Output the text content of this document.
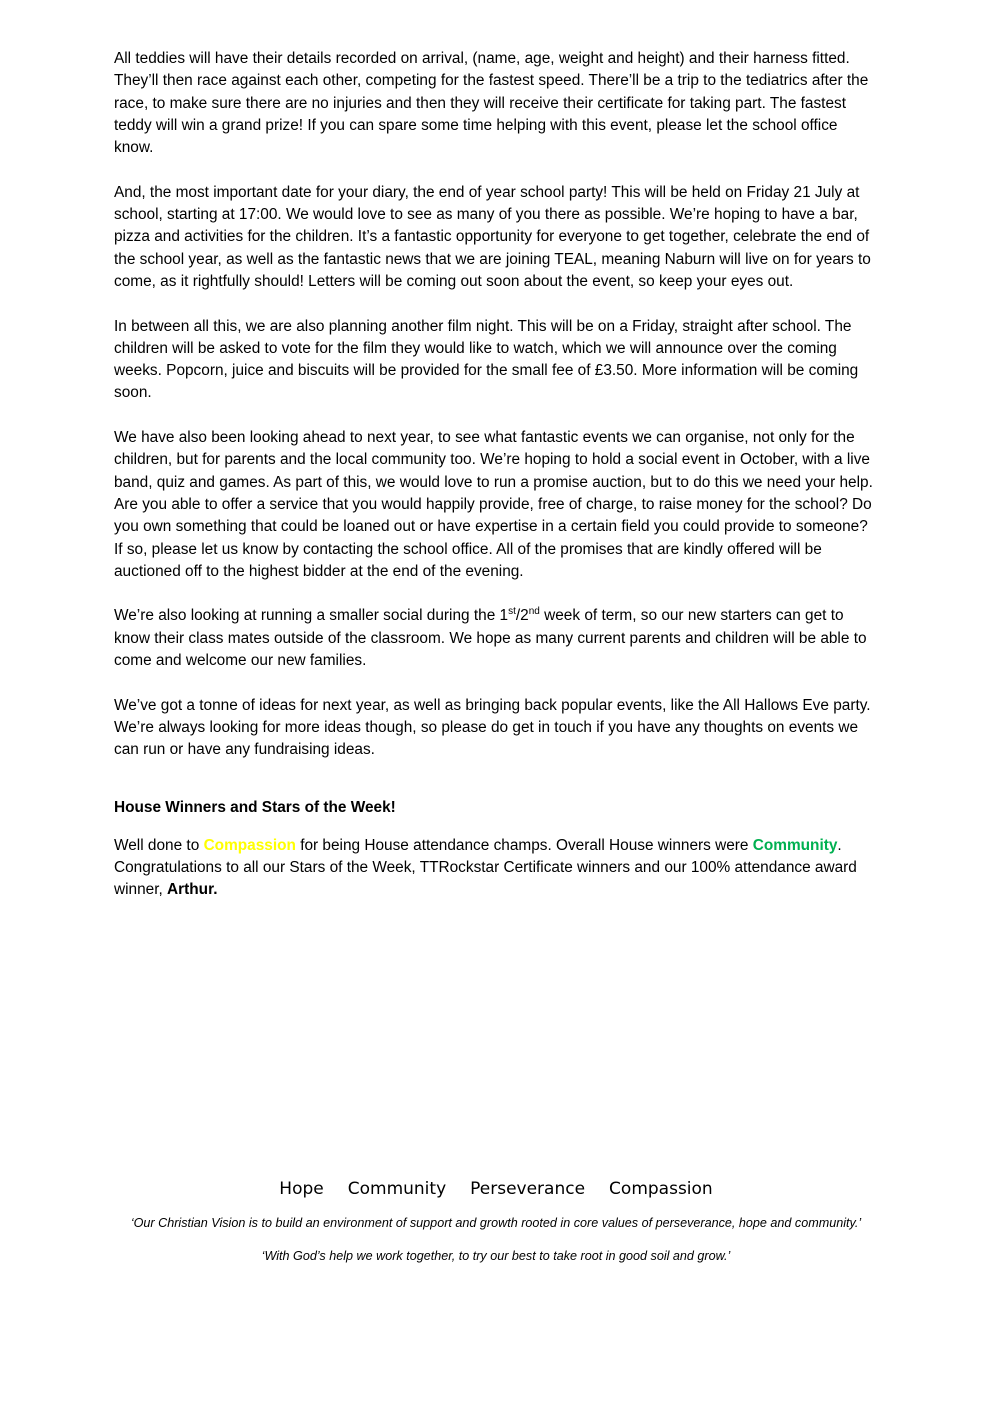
All teddies will have their details recorded on arrival, (name, age, weight and height) and their harness fitted. They’ll then race against each other, competing for the fastest speed. There’ll be a trip to the tediatrics after the race, to make sure there are no injuries and then they will receive their certificate for taking part. The fastest teddy will win a grand prize! If you can spare some time helping with this event, please let the school office know.

And, the most important date for your diary, the end of year school party! This will be held on Friday 21 July at school, starting at 17:00. We would love to see as many of you there as possible. We’re hoping to have a bar, pizza and activities for the children. It’s a fantastic opportunity for everyone to get together, celebrate the end of the school year, as well as the fantastic news that we are joining TEAL, meaning Naburn will live on for years to come, as it rightfully should! Letters will be coming out soon about the event, so keep your eyes out.

In between all this, we are also planning another film night. This will be on a Friday, straight after school. The children will be asked to vote for the film they would like to watch, which we will announce over the coming weeks. Popcorn, juice and biscuits will be provided for the small fee of £3.50. More information will be coming soon.

We have also been looking ahead to next year, to see what fantastic events we can organise, not only for the children, but for parents and the local community too. We’re hoping to hold a social event in October, with a live band, quiz and games. As part of this, we would love to run a promise auction, but to do this we need your help. Are you able to offer a service that you would happily provide, free of charge, to raise money for the school? Do you own something that could be loaned out or have expertise in a certain field you could provide to someone? If so, please let us know by contacting the school office. All of the promises that are kindly offered will be auctioned off to the highest bidder at the end of the evening.

We’re also looking at running a smaller social during the 1st/2nd week of term, so our new starters can get to know their class mates outside of the classroom. We hope as many current parents and children will be able to come and welcome our new families.

We’ve got a tonne of ideas for next year, as well as bringing back popular events, like the All Hallows Eve party. We’re always looking for more ideas though, so please do get in touch if you have any thoughts on events we can run or have any fundraising ideas.

House Winners and Stars of the Week!

Well done to Compassion for being House attendance champs. Overall House winners were Community. Congratulations to all our Stars of the Week, TTRockstar Certificate winners and our 100% attendance award winner, Arthur.

Hope Community Perseverance Compassion
‘Our Christian Vision is to build an environment of support and growth rooted in core values of perseverance, hope and community.’
‘With God’s help we work together, to try our best to take root in good soil and grow.’
